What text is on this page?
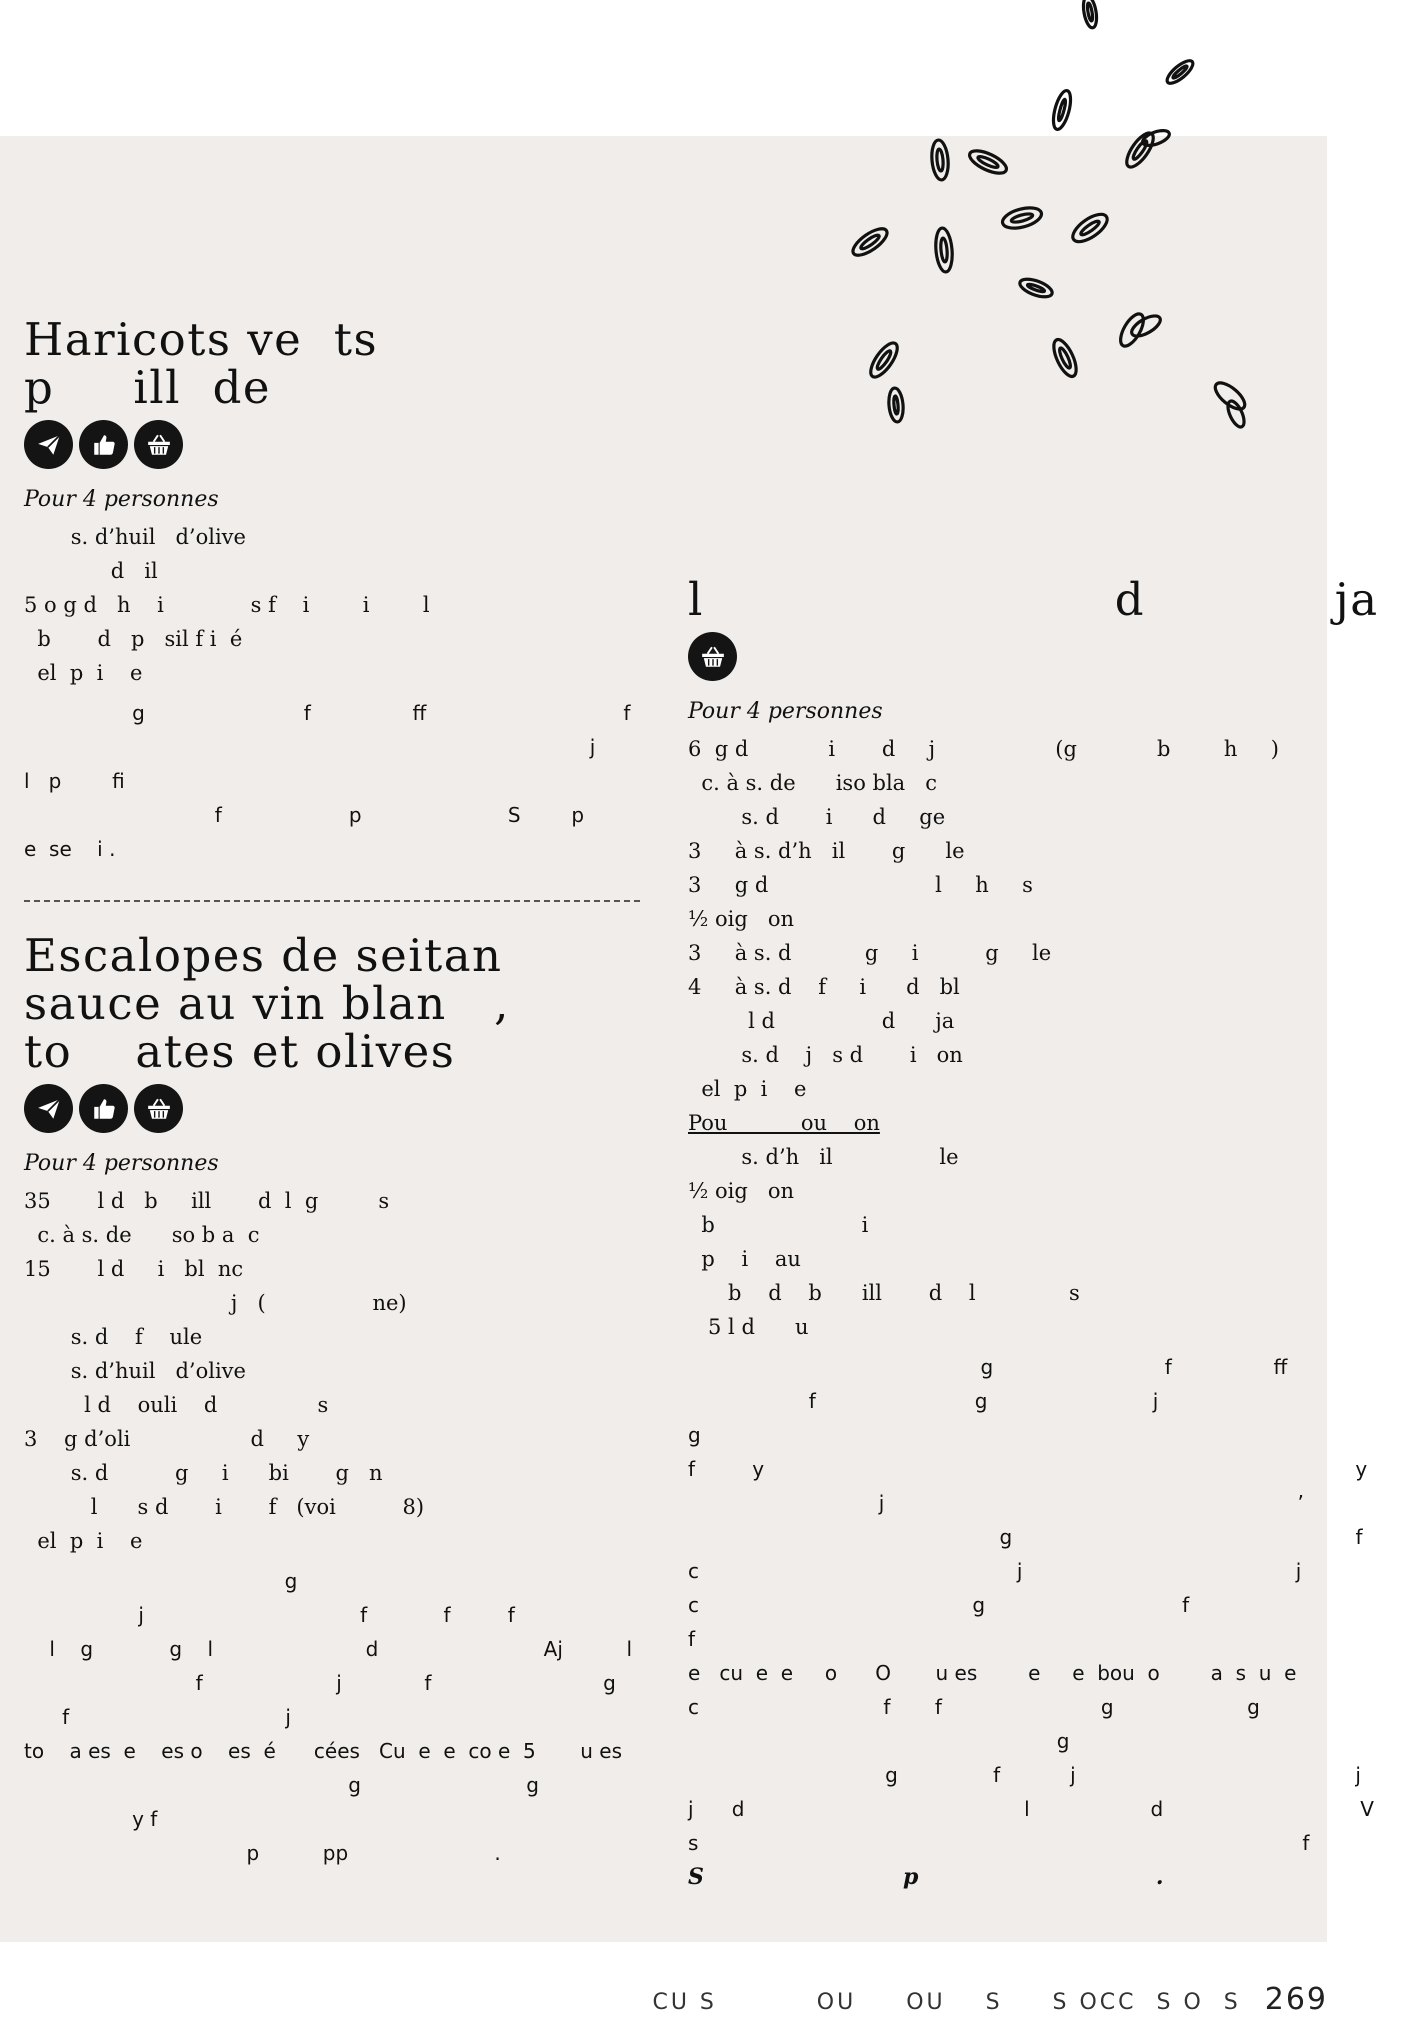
Haricots ve  ts
p     ill  de
Pour 4 personnes
s. d’huil   d’olive
d   il
5 o g d   h    i             s f    i        i        l
b       d   p   sil f i  é
el  p  i    e
g                         f                ff                               f
j
l   p        fi
f                    p                       S        p
e  se    i .
Escalopes de seitan
sauce au vin blan   ,
to    ates et olives
Pour 4 personnes
35       l d   b     ill       d  l  g         s
c. à s. de      so b a  c
15       l d     i   bl  nc
j   (                ne)
s. d    f    ule
s. d’huil   d’olive
l d    ouli    d               s
3    g d’oli                  d     y
s. d          g     i      bi       g   n
l      s d       i       f   (voi          8)
el  p  i    e
g
j                                  f            f         f
l    g            g    l                        d                          Aj          l
f                     j             f                           g
f                                  j
to    a es  e    es o    es  é      cées   Cu  e  e  co e  5       u es
g                          g
y f
p          pp                       .
l                          d            ja
Pour 4 personnes
6  g d            i       d     j                  (g            b        h     )
c. à s. de      iso bla   c
s. d       i      d     ge
3     à s. d’h   il       g      le
3     g d                         l     h     s
½ oig   on
3     à s. d           g     i          g     le
4     à s. d    f     i      d   bl
l d                d      ja
s. d    j   s d       i   on
el  p  i    e
Pou           ou    on
s. d’h   il                le
½ oig   on
b                      i
p    i    au
b    d    b      ill       d    l              s
5 l d      u
g                           f                ff
f                         g                          j
g
f         y                                                                                             y
j                                                                 ’
g                                                      f
c                                                  j                                           j
c                                           g                               f
f
e   cu  e  e     o      O       u es        e     e  bou  o        a  s  u  e
c                             f       f                         g                     g
g
g               f           j                                            j
j      d                                            l                   d                               V
s                                                                                               f
S                          p                               .
CU S          OU     OU    S     S OCC  S O  S 269
